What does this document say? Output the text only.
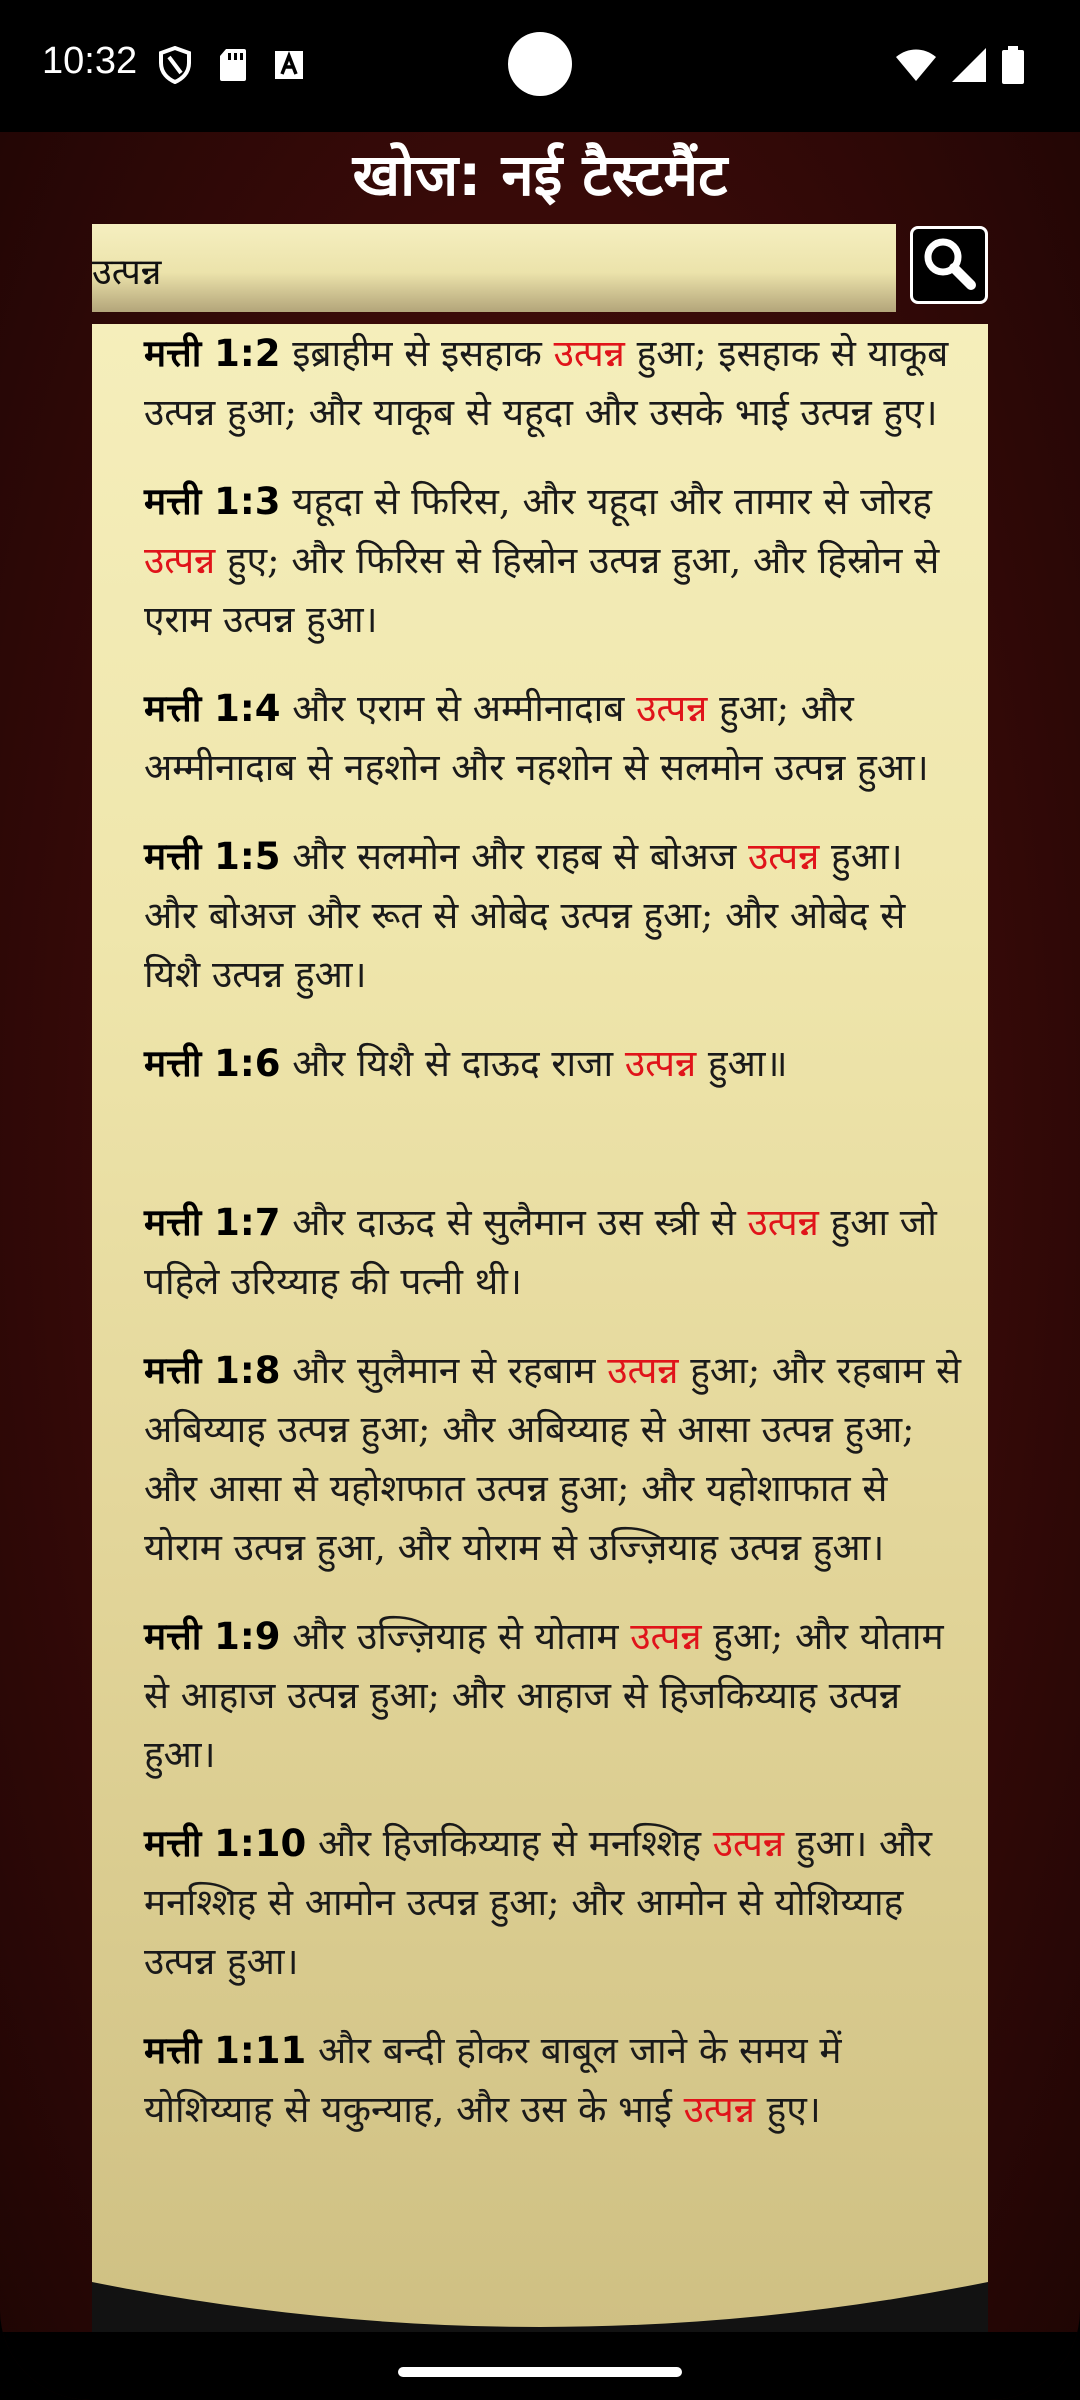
10:32
खोज: नई टैस्टमैंट
उत्पन्न

मत्ती 1:2 इब्राहीम से इसहाक उत्पन्न हुआ; इसहाक से याकूब उत्पन्न हुआ; और याकूब से यहूदा और उसके भाई उत्पन्न हुए।

मत्ती 1:3 यहूदा से फिरिस, और यहूदा और तामार से जोरह उत्पन्न हुए; और फिरिस से हिस्रोन उत्पन्न हुआ, और हिस्रोन से एराम उत्पन्न हुआ।

मत्ती 1:4 और एराम से अम्मीनादाब उत्पन्न हुआ; और अम्मीनादाब से नहशोन और नहशोन से सलमोन उत्पन्न हुआ।

मत्ती 1:5 और सलमोन और राहब से बोअज उत्पन्न हुआ। और बोअज और रूत से ओबेद उत्पन्न हुआ; और ओबेद से यिशै उत्पन्न हुआ।

मत्ती 1:6 और यिशै से दाऊद राजा उत्पन्न हुआ॥

मत्ती 1:7 और दाऊद से सुलैमान उस स्त्री से उत्पन्न हुआ जो पहिले उरिय्याह की पत्नी थी।

मत्ती 1:8 और सुलैमान से रहबाम उत्पन्न हुआ; और रहबाम से अबिय्याह उत्पन्न हुआ; और अबिय्याह से आसा उत्पन्न हुआ; और आसा से यहोशफात उत्पन्न हुआ; और यहोशाफात से योराम उत्पन्न हुआ, और योराम से उज्ज़ियाह उत्पन्न हुआ।

मत्ती 1:9 और उज्ज़ियाह से योताम उत्पन्न हुआ; और योताम से आहाज उत्पन्न हुआ; और आहाज से हिजकिय्याह उत्पन्न हुआ।

मत्ती 1:10 और हिजकिय्याह से मनश्शिह उत्पन्न हुआ। और मनश्शिह से आमोन उत्पन्न हुआ; और आमोन से योशिय्याह उत्पन्न हुआ।

मत्ती 1:11 और बन्दी होकर बाबूल जाने के समय में योशिय्याह से यकुन्याह, और उस के भाई उत्पन्न हुए।
